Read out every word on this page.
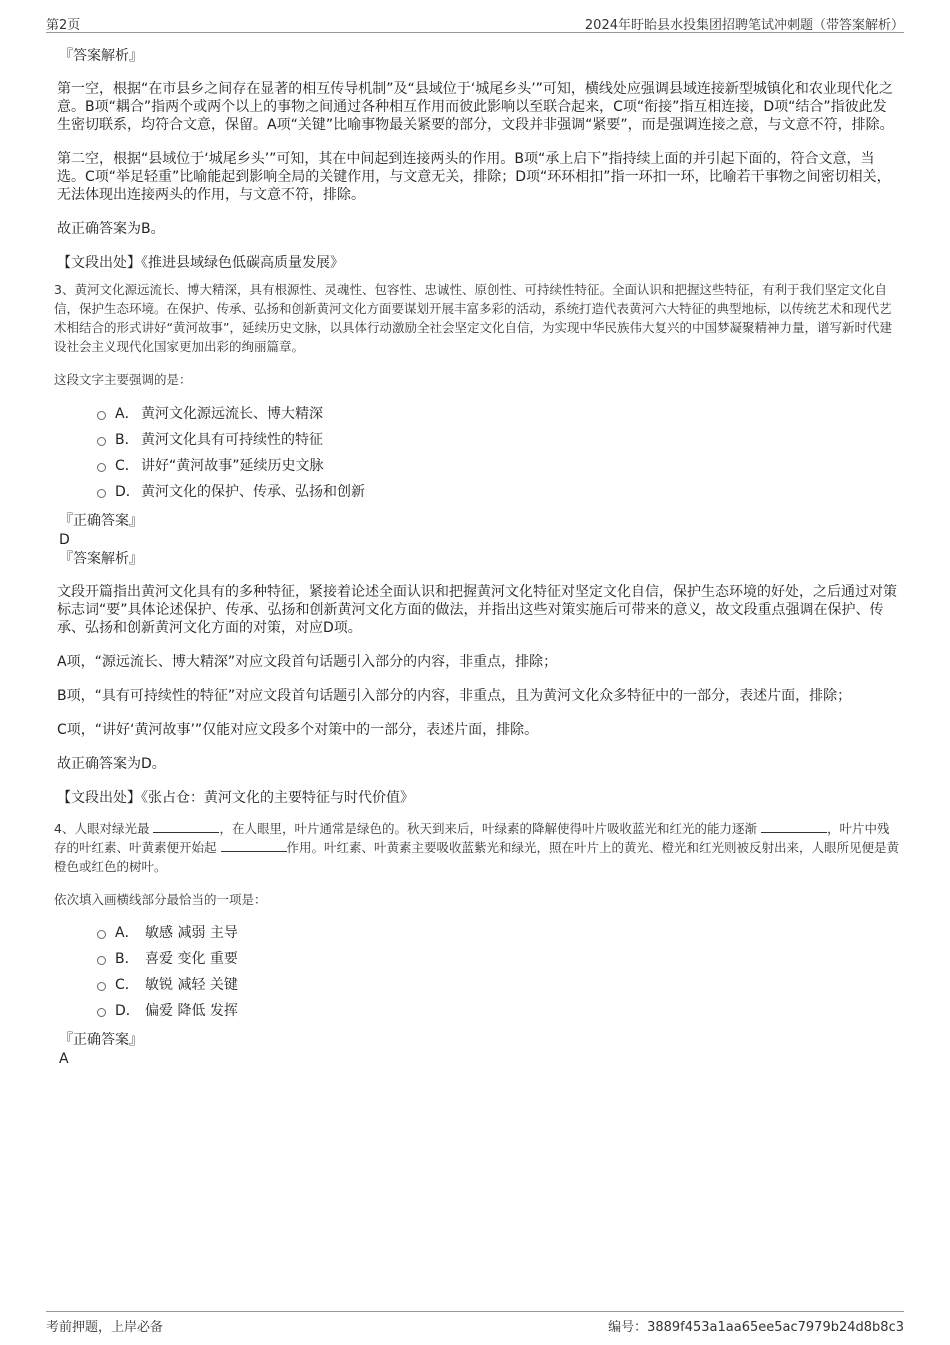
第2页	2024年盱眙县水投集团招聘笔试冲刺题（带答案解析）
『答案解析』

第一空，根据“在市县乡之间存在显著的相互传导机制”及“县域位于‘城尾乡头’”可知，横线处应强调县域连接新型城镇化和农业现代化之意。B项“耦合”指两个或两个以上的事物之间通过各种相互作用而彼此影响以至联合起来，C项“衔接”指互相连接，D项“结合”指彼此发生密切联系，均符合文意，保留。A项“关键”比喻事物最关紧要的部分，文段并非强调“紧要”，而是强调连接之意，与文意不符，排除。

第二空，根据“县域位于‘城尾乡头’”可知，其在中间起到连接两头的作用。B项“承上启下”指持续上面的并引起下面的，符合文意，当选。C项“举足轻重”比喻能起到影响全局的关键作用，与文意无关，排除；D项“环环相扣”指一环扣一环，比喻若干事物之间密切相关，无法体现出连接两头的作用，与文意不符，排除。

故正确答案为B。

【文段出处】《推进县域绿色低碳高质量发展》

3、黄河文化源远流长、博大精深，具有根源性、灵魂性、包容性、忠诚性、原创性、可持续性特征。全面认识和把握这些特征，有利于我们坚定文化自信，保护生态环境。在保护、传承、弘扬和创新黄河文化方面要谋划开展丰富多彩的活动，系统打造代表黄河六大特征的典型地标，以传统艺术和现代艺术相结合的形式讲好“黄河故事”，延续历史文脉，以具体行动激励全社会坚定文化自信，为实现中华民族伟大复兴的中国梦凝聚精神力量，谱写新时代建设社会主义现代化国家更加出彩的绚丽篇章。

这段文字主要强调的是：

A． 黄河文化源远流长、博大精深
B． 黄河文化具有可持续性的特征
C． 讲好“黄河故事”延续历史文脉
D． 黄河文化的保护、传承、弘扬和创新
『正确答案』
D
『答案解析』

文段开篇指出黄河文化具有的多种特征，紧接着论述全面认识和把握黄河文化特征对坚定文化自信，保护生态环境的好处，之后通过对策标志词“要”具体论述保护、传承、弘扬和创新黄河文化方面的做法，并指出这些对策实施后可带来的意义，故文段重点强调在保护、传承、弘扬和创新黄河文化方面的对策，对应D项。

A项，“源远流长、博大精深”对应文段首句话题引入部分的内容，非重点，排除；

B项，“具有可持续性的特征”对应文段首句话题引入部分的内容，非重点，且为黄河文化众多特征中的一部分，表述片面，排除；

C项，“讲好‘黄河故事’”仅能对应文段多个对策中的一部分，表述片面，排除。

故正确答案为D。

【文段出处】《张占仓：黄河文化的主要特征与时代价值》

4、人眼对绿光最	，在人眼里，叶片通常是绿色的。秋天到来后，叶绿素的降解使得叶片吸收蓝光和红光的能力逐渐	，叶片中残存的叶红素、叶黄素便开始起	作用。叶红素、叶黄素主要吸收蓝紫光和绿光，照在叶片上的黄光、橙光和红光则被反射出来，人眼所见便是黄橙色或红色的树叶。

依次填入画横线部分最恰当的一项是：

A． 敏感 减弱 主导
B． 喜爱 变化 重要
C． 敏锐 减轻 关键
D． 偏爱 降低 发挥
『正确答案』
A
考前押题，上岸必备	编号：3889f453a1aa65ee5ac7979b24d8b8c3
